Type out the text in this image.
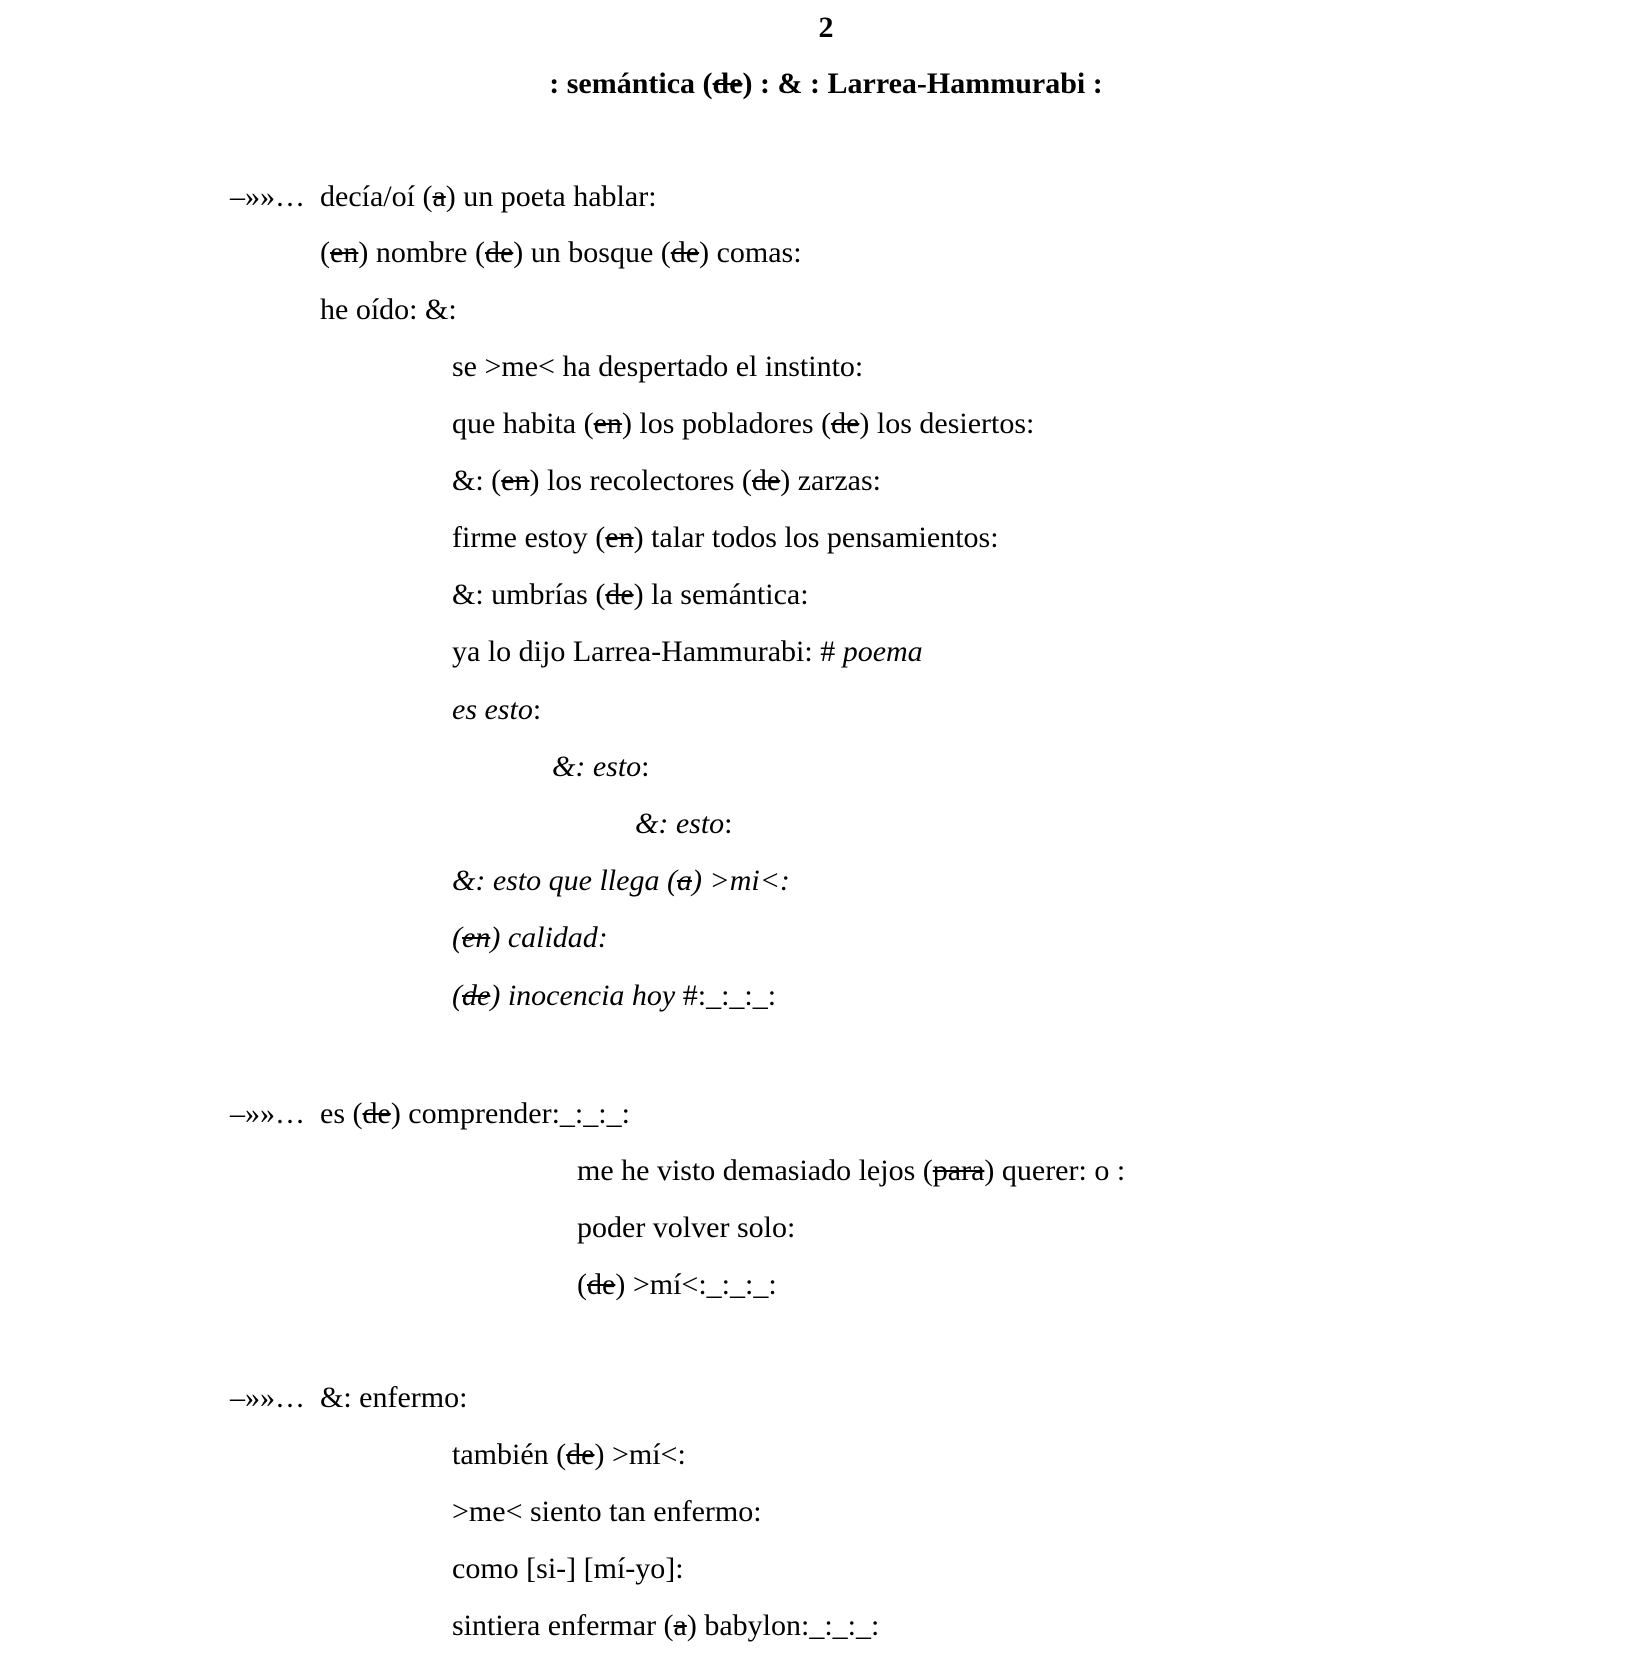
2
: semántica (de) : & : Larrea-Hammurabi :
–»»… decía/oí (a) un poeta hablar:
(en) nombre (de) un bosque (de) comas:
he oído: &:
se >me< ha despertado el instinto:
que habita (en) los pobladores (de) los desiertos:
&: (en) los recolectores (de) zarzas:
firme estoy (en) talar todos los pensamientos:
&: umbrías (de) la semántica:
ya lo dijo Larrea-Hammurabi: # poema
es esto:
&: esto:
&: esto:
&: esto que llega (a) >mi<:
(en) calidad:
(de) inocencia hoy #:_:_:_:
–»»… es (de) comprender:_:_:_:
me he visto demasiado lejos (para) querer: o :
poder volver solo:
(de) >mí<:_:_:_:
–»»… &: enfermo:
también (de) >mí<:
>me< siento tan enfermo:
como [si-] [mí-yo]:
sintiera enfermar (a) babylon:_:_:_:
